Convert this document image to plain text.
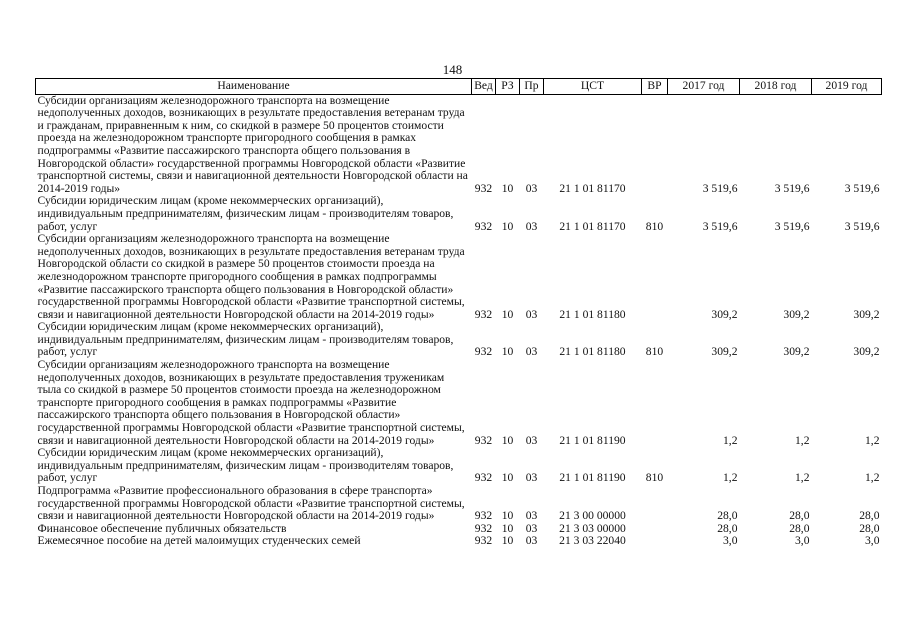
148
Наименование	Вед	РЗ	Пр	ЦСТ	ВР	2017 год	2018 год	2019 год
Субсидии организациям железнодорожного транспорта на возмещение недополученных доходов, возникающих в результате предоставления ветеранам труда и гражданам, приравненным к ним, со скидкой в размере 50 процентов стоимости проезда на железнодорожном транспорте пригородного сообщения в рамках подпрограммы «Развитие пассажирского транспорта общего пользования в Новгородской области» государственной программы Новгородской области «Развитие транспортной системы, связи и навигационной деятельности Новгородской области на 2014-2019 годы»	932	10	03	21 1 01 81170		3 519,6	3 519,6	3 519,6
Субсидии юридическим лицам (кроме некоммерческих организаций), индивидуальным предпринимателям, физическим лицам - производителям товаров, работ, услуг	932	10	03	21 1 01 81170	810	3 519,6	3 519,6	3 519,6
Субсидии организациям железнодорожного транспорта на возмещение недополученных доходов, возникающих в результате предоставления ветеранам труда Новгородской области со скидкой в размере 50 процентов стоимости проезда на железнодорожном транспорте пригородного сообщения в рамках подпрограммы «Развитие пассажирского транспорта общего пользования в Новгородской области» государственной программы Новгородской области «Развитие транспортной системы, связи и навигационной деятельности Новгородской области на 2014-2019 годы»	932	10	03	21 1 01 81180		309,2	309,2	309,2
Субсидии юридическим лицам (кроме некоммерческих организаций), индивидуальным предпринимателям, физическим лицам - производителям товаров, работ, услуг	932	10	03	21 1 01 81180	810	309,2	309,2	309,2
Субсидии организациям железнодорожного транспорта на возмещение недополученных доходов, возникающих в результате предоставления труженикам тыла со скидкой в размере 50 процентов стоимости проезда на железнодорожном транспорте пригородного сообщения в рамках подпрограммы «Развитие пассажирского транспорта общего пользования в Новгородской области» государственной программы Новгородской области «Развитие транспортной системы, связи и навигационной деятельности Новгородской области на 2014-2019 годы»	932	10	03	21 1 01 81190		1,2	1,2	1,2
Субсидии юридическим лицам (кроме некоммерческих организаций), индивидуальным предпринимателям, физическим лицам - производителям товаров, работ, услуг	932	10	03	21 1 01 81190	810	1,2	1,2	1,2
Подпрограмма «Развитие профессионального образования в сфере транспорта» государственной программы Новгородской области «Развитие транспортной системы, связи и навигационной деятельности Новгородской области на 2014-2019 годы»	932	10	03	21 3 00 00000		28,0	28,0	28,0
Финансовое обеспечение публичных обязательств	932	10	03	21 3 03 00000		28,0	28,0	28,0
Ежемесячное пособие на детей малоимущих студенческих семей	932	10	03	21 3 03 22040		3,0	3,0	3,0
